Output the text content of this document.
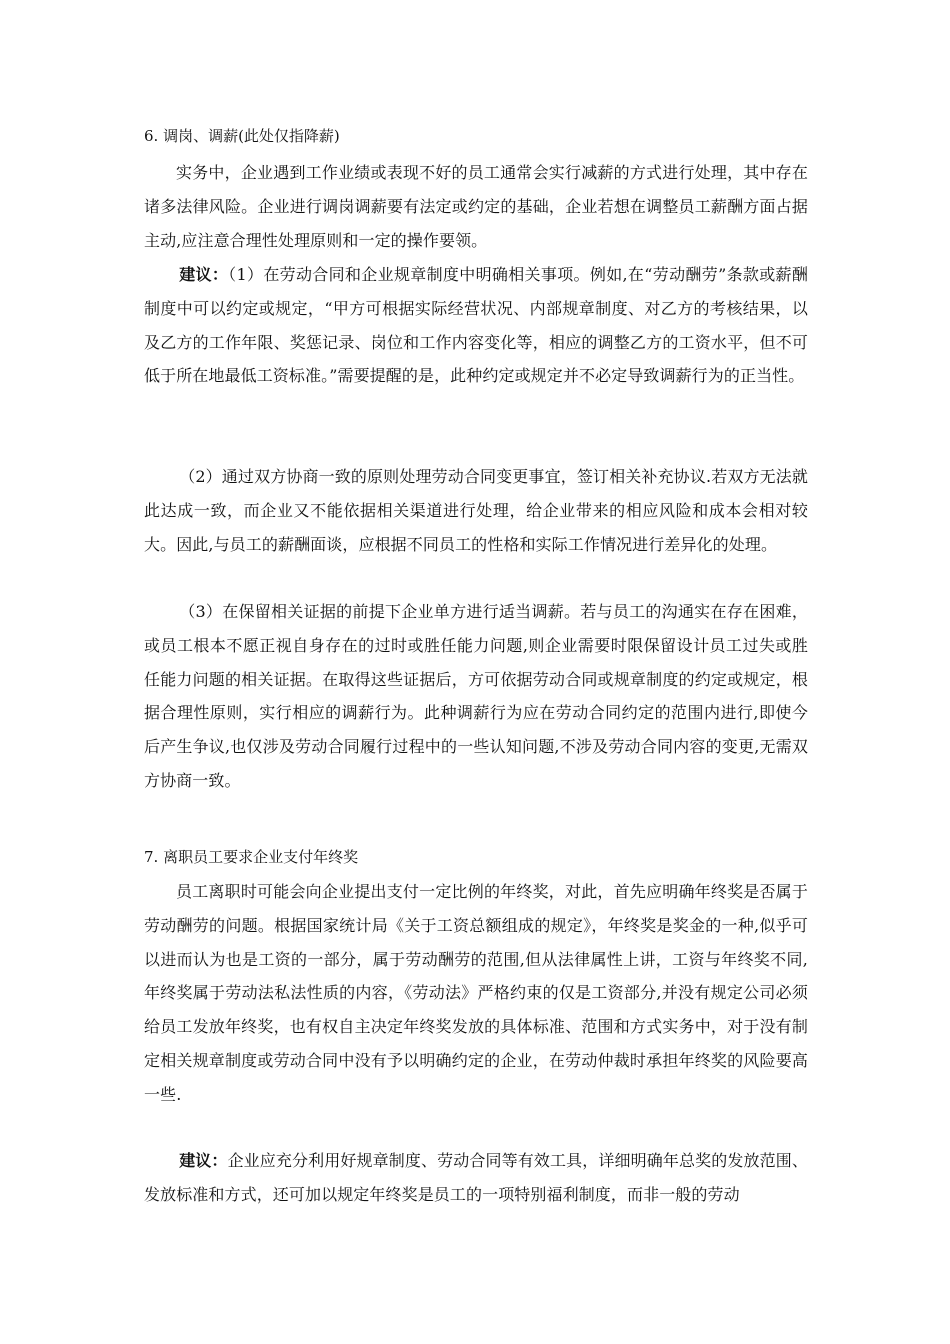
6. 调岗、调薪(此处仅指降薪)
实务中，企业遇到工作业绩或表现不好的员工通常会实行减薪的方式进行处理，其中存在诸多法律风险。企业进行调岗调薪要有法定或约定的基础，企业若想在调整员工薪酬方面占据主动,应注意合理性处理原则和一定的操作要领。
建议：（1）在劳动合同和企业规章制度中明确相关事项。例如,在“劳动酬劳”条款或薪酬制度中可以约定或规定，“甲方可根据实际经营状况、内部规章制度、对乙方的考核结果，以及乙方的工作年限、奖惩记录、岗位和工作内容变化等，相应的调整乙方的工资水平，但不可低于所在地最低工资标准。”需要提醒的是，此种约定或规定并不必定导致调薪行为的正当性。
（2）通过双方协商一致的原则处理劳动合同变更事宜，签订相关补充协议.若双方无法就此达成一致，而企业又不能依据相关渠道进行处理，给企业带来的相应风险和成本会相对较大。因此,与员工的薪酬面谈，应根据不同员工的性格和实际工作情况进行差异化的处理。
（3）在保留相关证据的前提下企业单方进行适当调薪。若与员工的沟通实在存在困难，或员工根本不愿正视自身存在的过时或胜任能力问题,则企业需要时限保留设计员工过失或胜任能力问题的相关证据。在取得这些证据后，方可依据劳动合同或规章制度的约定或规定，根据合理性原则，实行相应的调薪行为。此种调薪行为应在劳动合同约定的范围内进行,即使今后产生争议,也仅涉及劳动合同履行过程中的一些认知问题,不涉及劳动合同内容的变更,无需双方协商一致。
7. 离职员工要求企业支付年终奖
员工离职时可能会向企业提出支付一定比例的年终奖，对此，首先应明确年终奖是否属于劳动酬劳的问题。根据国家统计局《关于工资总额组成的规定》，年终奖是奖金的一种,似乎可以进而认为也是工资的一部分，属于劳动酬劳的范围,但从法律属性上讲，工资与年终奖不同,年终奖属于劳动法私法性质的内容，《劳动法》严格约束的仅是工资部分,并没有规定公司必须给员工发放年终奖，也有权自主决定年终奖发放的具体标准、范围和方式实务中，对于没有制定相关规章制度或劳动合同中没有予以明确约定的企业，在劳动仲裁时承担年终奖的风险要高一些.
建议：企业应充分利用好规章制度、劳动合同等有效工具，详细明确年总奖的发放范围、发放标准和方式，还可加以规定年终奖是员工的一项特别福利制度，而非一般的劳动
